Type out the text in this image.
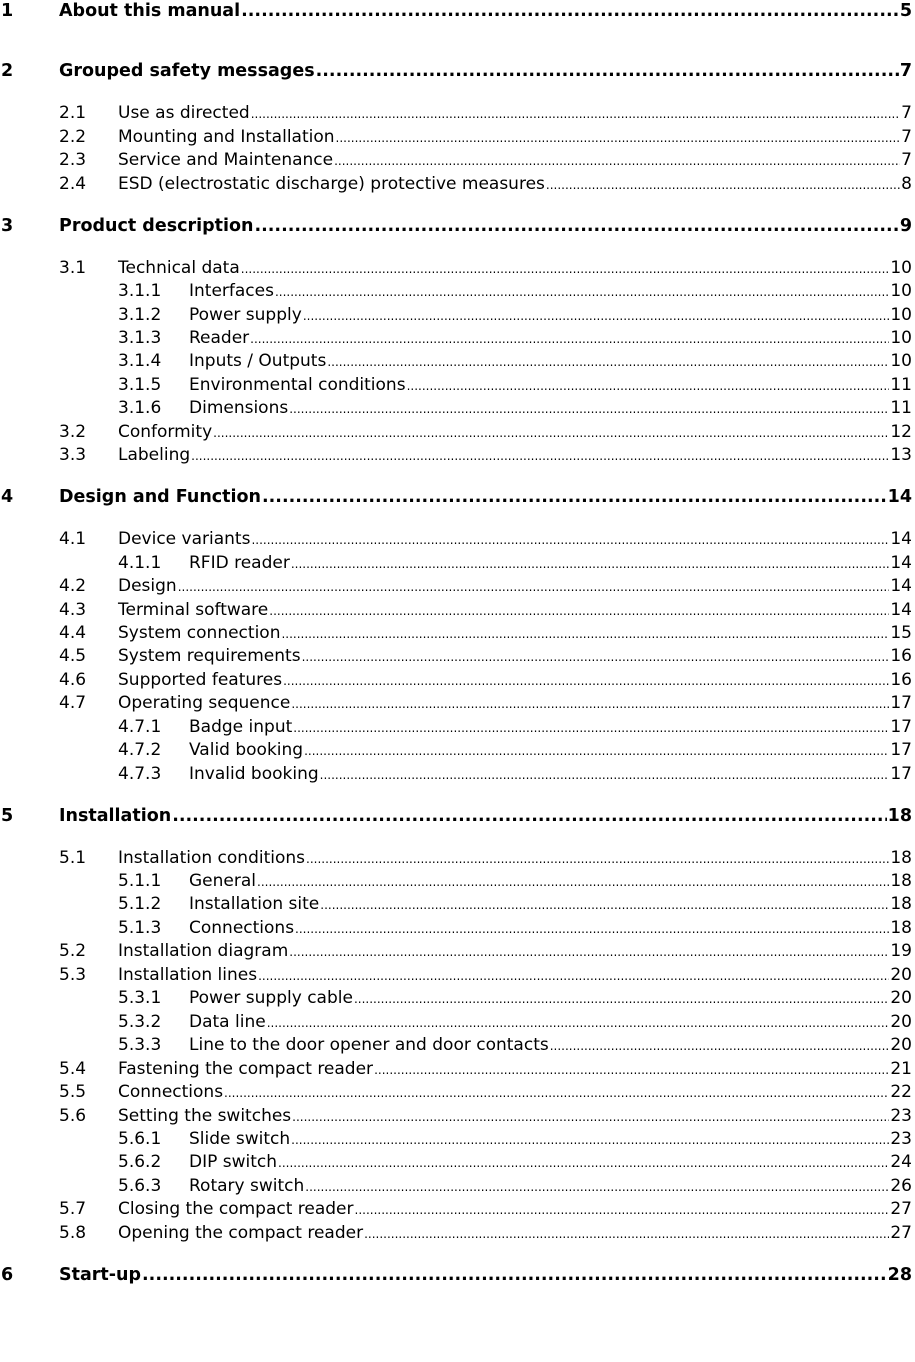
1	About this manual .....	5
2	Grouped safety messages .....	7
2.1 Use as directed .....	7
2.2 Mounting and Installation .....	7
2.3 Service and Maintenance .....	7
2.4 ESD (electrostatic discharge) protective measures .....	8
3	Product description .....	9
3.1 Technical data .....	10
3.1.1 Interfaces .....	10
3.1.2 Power supply .....	10
3.1.3 Reader .....	10
3.1.4 Inputs / Outputs .....	10
3.1.5 Environmental conditions .....	11
3.1.6 Dimensions .....	11
3.2 Conformity .....	12
3.3 Labeling .....	13
4	Design and Function .....	14
4.1 Device variants .....	14
4.1.1 RFID reader .....	14
4.2 Design .....	14
4.3 Terminal software .....	14
4.4 System connection .....	15
4.5 System requirements .....	16
4.6 Supported features .....	16
4.7 Operating sequence .....	17
4.7.1 Badge input .....	17
4.7.2 Valid booking .....	17
4.7.3 Invalid booking .....	17
5	Installation .....	18
5.1 Installation conditions .....	18
5.1.1 General .....	18
5.1.2 Installation site .....	18
5.1.3 Connections .....	18
5.2 Installation diagram .....	19
5.3 Installation lines .....	20
5.3.1 Power supply cable .....	20
5.3.2 Data line .....	20
5.3.3 Line to the door opener and door contacts .....	20
5.4 Fastening the compact reader .....	21
5.5 Connections .....	22
5.6 Setting the switches .....	23
5.6.1 Slide switch .....	23
5.6.2 DIP switch .....	24
5.6.3 Rotary switch .....	26
5.7 Closing the compact reader .....	27
5.8 Opening the compact reader .....	27
6	Start-up .....	28
